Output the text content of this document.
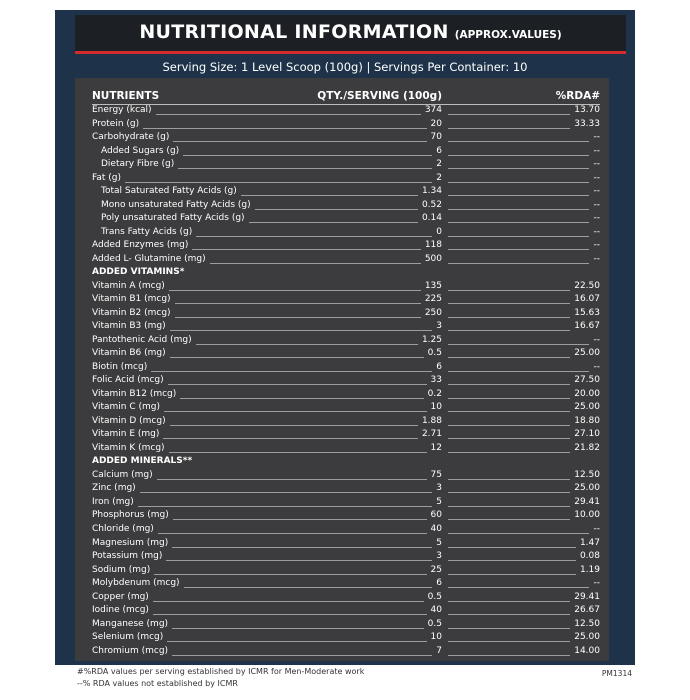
NUTRITIONAL INFORMATION (APPROX.VALUES)
Serving Size: 1 Level Scoop (100g) | Servings Per Container: 10
NUTRIENTS	QTY./SERVING (100g)	%RDA#
Energy (kcal)	374	13.70
Protein (g)	20	33.33
Carbohydrate (g)	70	--
Added Sugars (g)	6	--
Dietary Fibre (g)	2	--
Fat (g)	2	--
Total Saturated Fatty Acids (g)	1.34	--
Mono unsaturated Fatty Acids (g)	0.52	--
Poly unsaturated Fatty Acids (g)	0.14	--
Trans Fatty Acids (g)	0	--
Added Enzymes (mg)	118	--
Added L- Glutamine (mg)	500	--
ADDED VITAMINS*
Vitamin A (mcg)	135	22.50
Vitamin B1 (mcg)	225	16.07
Vitamin B2 (mcg)	250	15.63
Vitamin B3 (mg)	3	16.67
Pantothenic Acid (mg)	1.25	--
Vitamin B6 (mg)	0.5	25.00
Biotin (mcg)	6	--
Folic Acid (mcg)	33	27.50
Vitamin B12 (mcg)	0.2	20.00
Vitamin C (mg)	10	25.00
Vitamin D (mcg)	1.88	18.80
Vitamin E (mg)	2.71	27.10
Vitamin K (mcg)	12	21.82
ADDED MINERALS**
Calcium (mg)	75	12.50
Zinc (mg)	3	25.00
Iron (mg)	5	29.41
Phosphorus (mg)	60	10.00
Chloride (mg)	40	--
Magnesium (mg)	5	1.47
Potassium (mg)	3	0.08
Sodium (mg)	25	1.19
Molybdenum (mcg)	6	--
Copper (mg)	0.5	29.41
Iodine (mcg)	40	26.67
Manganese (mg)	0.5	12.50
Selenium (mcg)	10	25.00
Chromium (mcg)	7	14.00
#%RDA values per serving established by ICMR for Men-Moderate work
--% RDA values not established by ICMR
PM1314
